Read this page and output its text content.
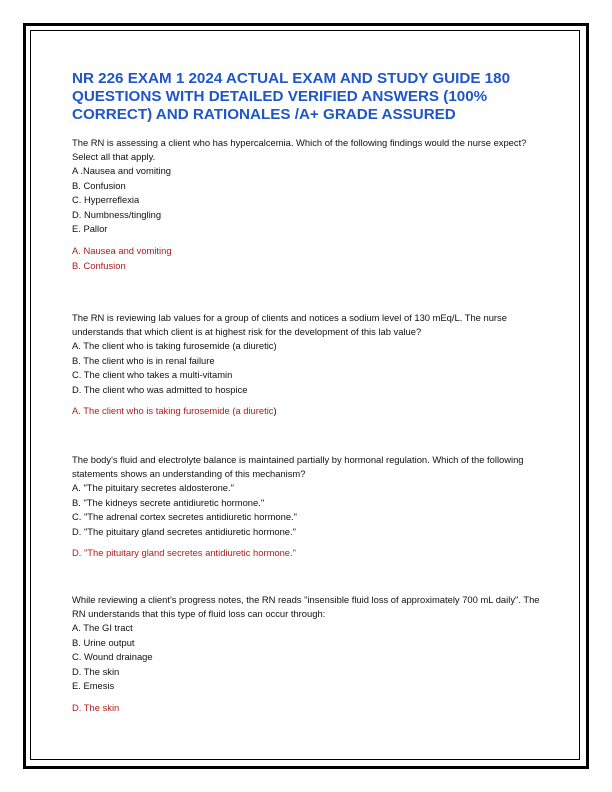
NR 226 EXAM 1 2024 ACTUAL EXAM AND STUDY GUIDE 180 QUESTIONS WITH DETAILED VERIFIED ANSWERS (100% CORRECT) AND RATIONALES /A+ GRADE ASSURED

The RN is assessing a client who has hypercalcemia. Which of the following findings would the nurse expect? Select all that apply.

A .Nausea and vomiting
B. Confusion
C. Hyperreflexia
D. Numbness/tingling
E. Pallor
A. Nausea and vomiting
B. Confusion

The RN is reviewing lab values for a group of clients and notices a sodium level of 130 mEq/L. The nurse understands that which client is at highest risk for the development of this lab value?

A. The client who is taking furosemide (a diuretic)
B. The client who is in renal failure
C. The client who takes a multi-vitamin
D. The client who was admitted to hospice
A. The client who is taking furosemide (a diuretic)

The body's fluid and electrolyte balance is maintained partially by hormonal regulation. Which of the following statements shows an understanding of this mechanism?

A. "The pituitary secretes aldosterone."
B. "The kidneys secrete antidiuretic hormone."
C. "The adrenal cortex secretes antidiuretic hormone."
D. "The pituitary gland secretes antidiuretic hormone."
D. "The pituitary gland secretes antidiuretic hormone."

While reviewing a client's progress notes, the RN reads "insensible fluid loss of approximately 700 mL daily". The RN understands that this type of fluid loss can occur through:

A. The GI tract
B. Urine output
C. Wound drainage
D. The skin
E. Emesis
D. The skin
